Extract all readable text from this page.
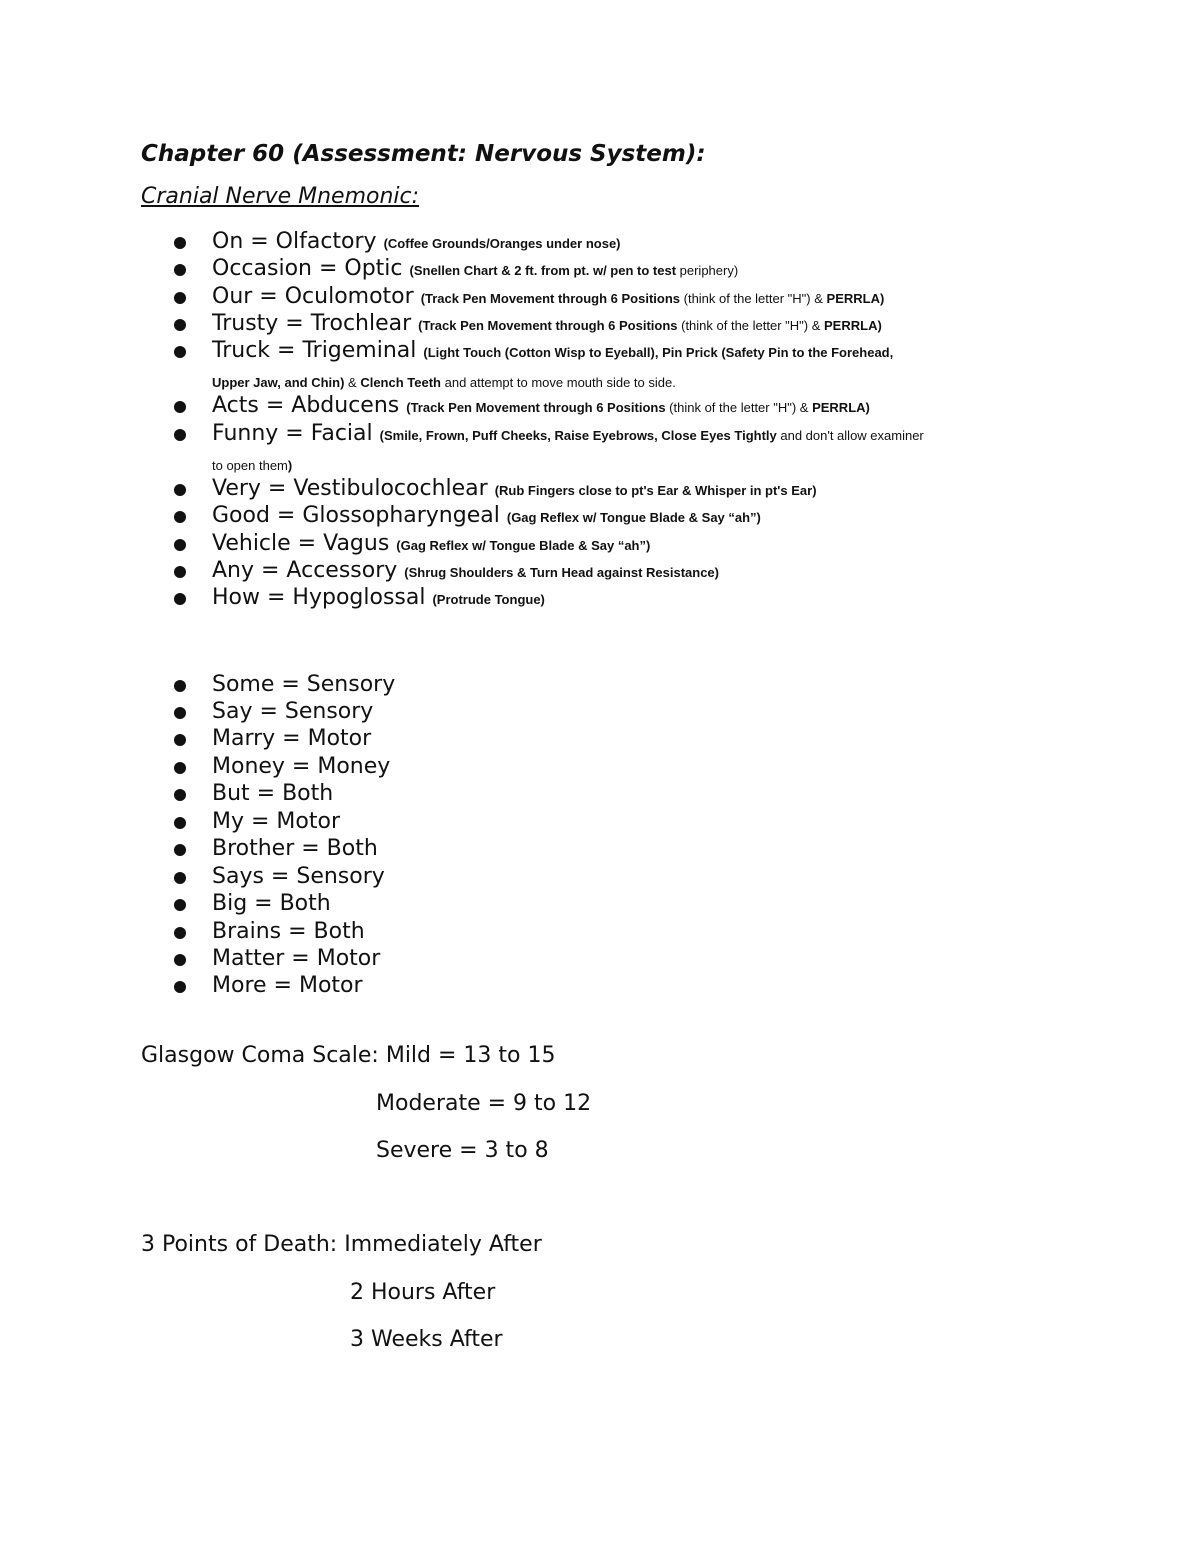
Chapter 60 (Assessment: Nervous System):
Cranial Nerve Mnemonic:
On = Olfactory (Coffee Grounds/Oranges under nose)
Occasion = Optic (Snellen Chart & 2 ft. from pt. w/ pen to test periphery)
Our = Oculomotor (Track Pen Movement through 6 Positions (think of the letter "H") & PERRLA)
Trusty = Trochlear (Track Pen Movement through 6 Positions (think of the letter "H") & PERRLA)
Truck = Trigeminal (Light Touch (Cotton Wisp to Eyeball), Pin Prick (Safety Pin to the Forehead,
Upper Jaw, and Chin) & Clench Teeth and attempt to move mouth side to side.
Acts = Abducens (Track Pen Movement through 6 Positions (think of the letter "H") & PERRLA)
Funny = Facial (Smile, Frown, Puff Cheeks, Raise Eyebrows, Close Eyes Tightly and don't allow examiner
to open them)
Very = Vestibulocochlear (Rub Fingers close to pt's Ear & Whisper in pt's Ear)
Good = Glossopharyngeal (Gag Reflex w/ Tongue Blade & Say “ah”)
Vehicle = Vagus (Gag Reflex w/ Tongue Blade & Say “ah”)
Any = Accessory (Shrug Shoulders & Turn Head against Resistance)
How = Hypoglossal (Protrude Tongue)
Some = Sensory
Say = Sensory
Marry = Motor
Money = Money
But = Both
My = Motor
Brother = Both
Says = Sensory
Big = Both
Brains = Both
Matter = Motor
More = Motor
Glasgow Coma Scale: Mild = 13 to 15
Moderate = 9 to 12
Severe = 3 to 8
3 Points of Death: Immediately After
2 Hours After
3 Weeks After
